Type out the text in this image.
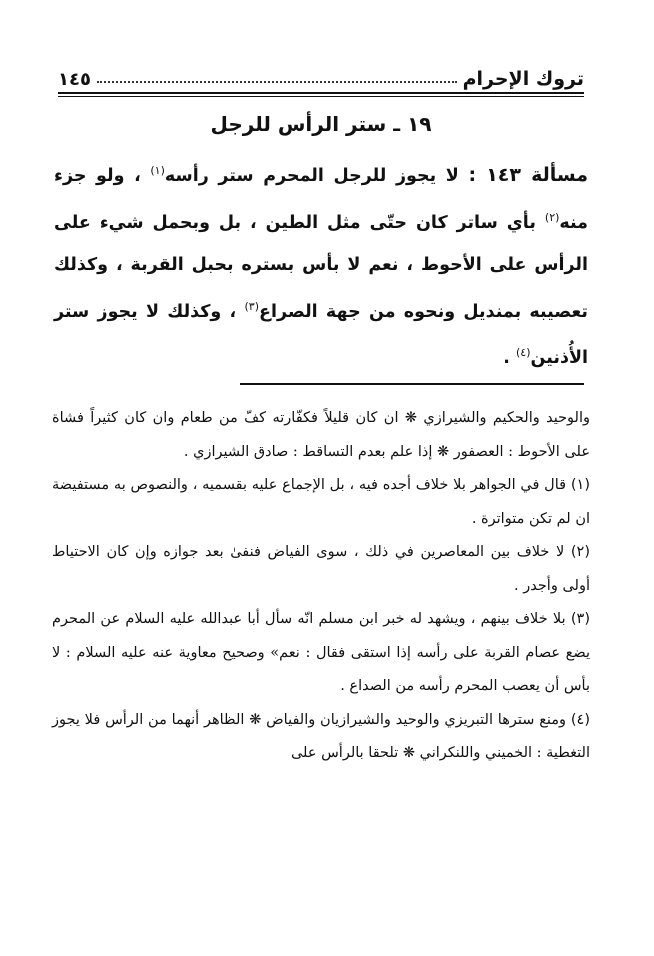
تروك الإحرام
١٤٥
١٩ ـ ستر الرأس للرجل
مسألة ١٤٣ : لا يجوز للرجل المحرم ستر رأسه$^{(١)}$ ، ولو جزء منه$^{(٢)}$ بأي ساتر كان حتّى مثل الطين ، بل وبحمل شيء على الرأس على الأحوط ، نعم لا بأس بستره بحبل القربة ، وكذلك تعصيبه بمنديل ونحوه من جهة الصراع$^{(٣)}$ ، وكذلك لا يجوز ستر الأُذنين$^{(٤)}$ .

والوحيد والحكيم والشيرازي ❋ ان كان قليلاً فكفّارته كفّ من طعام وان كان كثيراً فشاة على الأحوط : العصفور ❋ إذا علم بعدم التساقط : صادق الشيرازي .

(١) قال في الجواهر بلا خلاف أجده فيه ، بل الإجماع عليه بقسميه ، والنصوص به مستفيضة ان لم تكن متواترة .

(٢) لا خلاف بين المعاصرين في ذلك ، سوى الفياض فنفىٰ بعد جوازه وإن كان الاحتياط أولى وأجدر .

(٣) بلا خلاف بينهم ، ويشهد له خبر ابن مسلم انّه سأل أبا عبدالله عليه السلام عن المحرم يضع عصام القربة على رأسه إذا استقى فقال : نعم» وصحيح معاوية عنه عليه السلام : لا بأس أن يعصب المحرم رأسه من الصداع .

(٤) ومنع سترها التبريزي والوحيد والشيرازيان والفياض ❋ الظاهر أنهما من الرأس فلا يجوز التغطية : الخميني واللنكراني ❋ تلحقا بالرأس على
